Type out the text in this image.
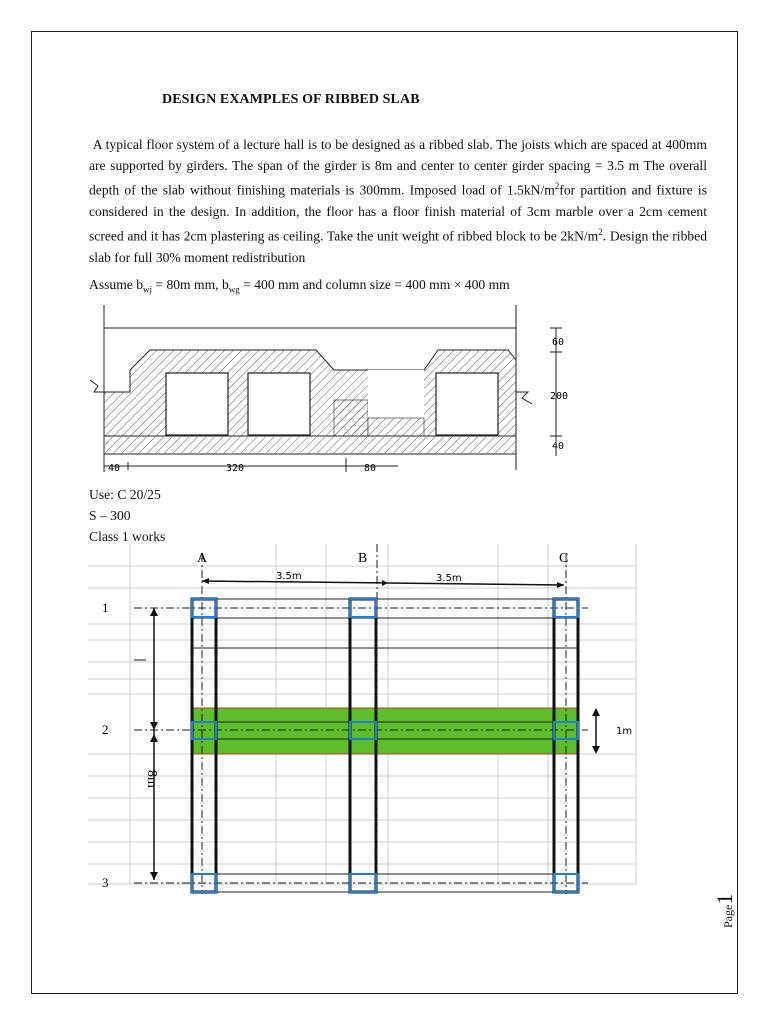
DESIGN EXAMPLES OF RIBBED SLAB
A typical floor system of a lecture hall is to be designed as a ribbed slab. The joists which are spaced at 400mm are supported by girders. The span of the girder is 8m and center to center girder spacing = 3.5 m The overall depth of the slab without finishing materials is 300mm. Imposed load of $1.5kN/m^2for$ partition and fixture is considered in the design. In addition, the floor has a floor finish material of 3cm marble over a 2cm cement screed and it has 2cm plastering as ceiling. Take the unit weight of ribbed block to be $2kN/m^2$. Design the ribbed slab for full 30% moment redistribution
Assume $b_{wj} = 80m$ mm, $b_{wg} = 400$ mm and column size = 400 mm × 400 mm
60
200
40
40	320	80
Use: C 20/25
S – 300
Class 1 works
A	B	C
1
2
3
3.5m	3.5m
8m
1m
Page1
